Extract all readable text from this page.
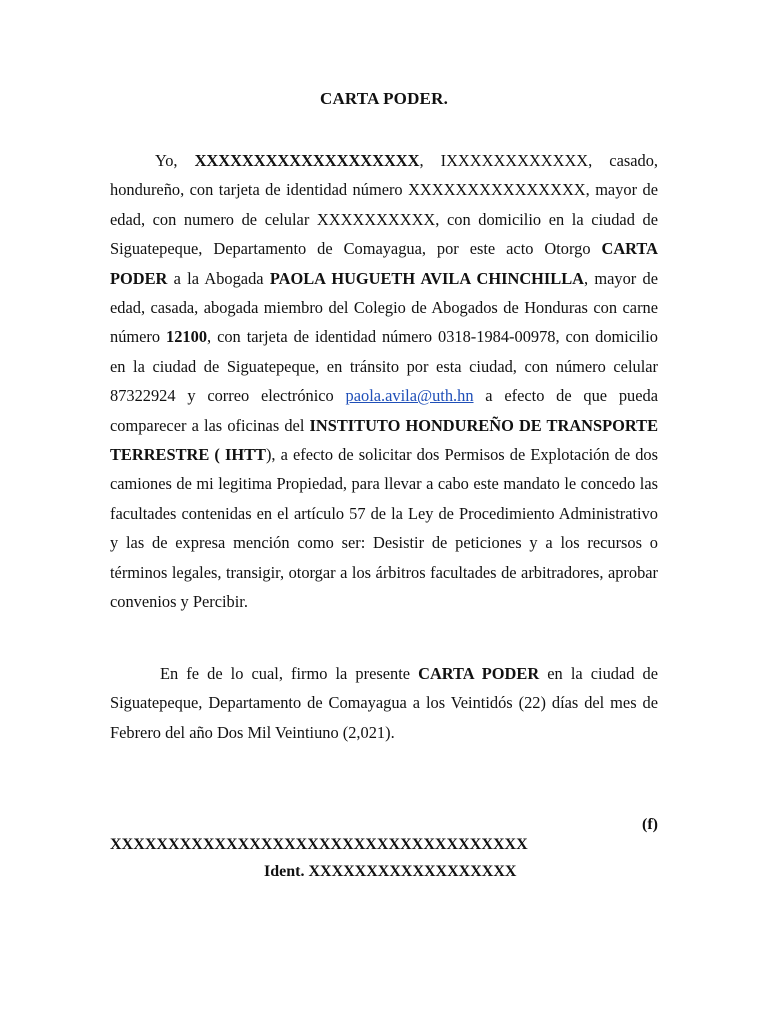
CARTA PODER.
Yo, XXXXXXXXXXXXXXXXXXX, IXXXXXXXXXXXX, casado, hondureño, con tarjeta de identidad número XXXXXXXXXXXXXXX, mayor de edad, con numero de celular XXXXXXXXXX, con domicilio en la ciudad de Siguatepeque, Departamento de Comayagua, por este acto Otorgo CARTA PODER a la Abogada PAOLA HUGUETH AVILA CHINCHILLA, mayor de edad, casada, abogada miembro del Colegio de Abogados de Honduras con carne número 12100, con tarjeta de identidad número 0318-1984-00978, con domicilio en la ciudad de Siguatepeque, en tránsito por esta ciudad, con número celular 87322924 y correo electrónico paola.avila@uth.hn a efecto de que pueda comparecer a las oficinas del INSTITUTO HONDUREÑO DE TRANSPORTE TERRESTRE ( IHTT), a efecto de solicitar dos Permisos de Explotación de dos camiones de mi legitima Propiedad, para llevar a cabo este mandato le concedo las facultades contenidas en el artículo 57 de la Ley de Procedimiento Administrativo y las de expresa mención como ser: Desistir de peticiones y a los recursos o términos legales, transigir, otorgar a los árbitros facultades de arbitradores, aprobar convenios y Percibir.
En fe de lo cual, firmo la presente CARTA PODER en la ciudad de Siguatepeque, Departamento de Comayagua a los Veintidós (22) días del mes de Febrero del año Dos Mil Veintiuno (2,021).
(f)
XXXXXXXXXXXXXXXXXXXXXXXXXXXXXXXXXXXX
Ident. XXXXXXXXXXXXXXXXXX
